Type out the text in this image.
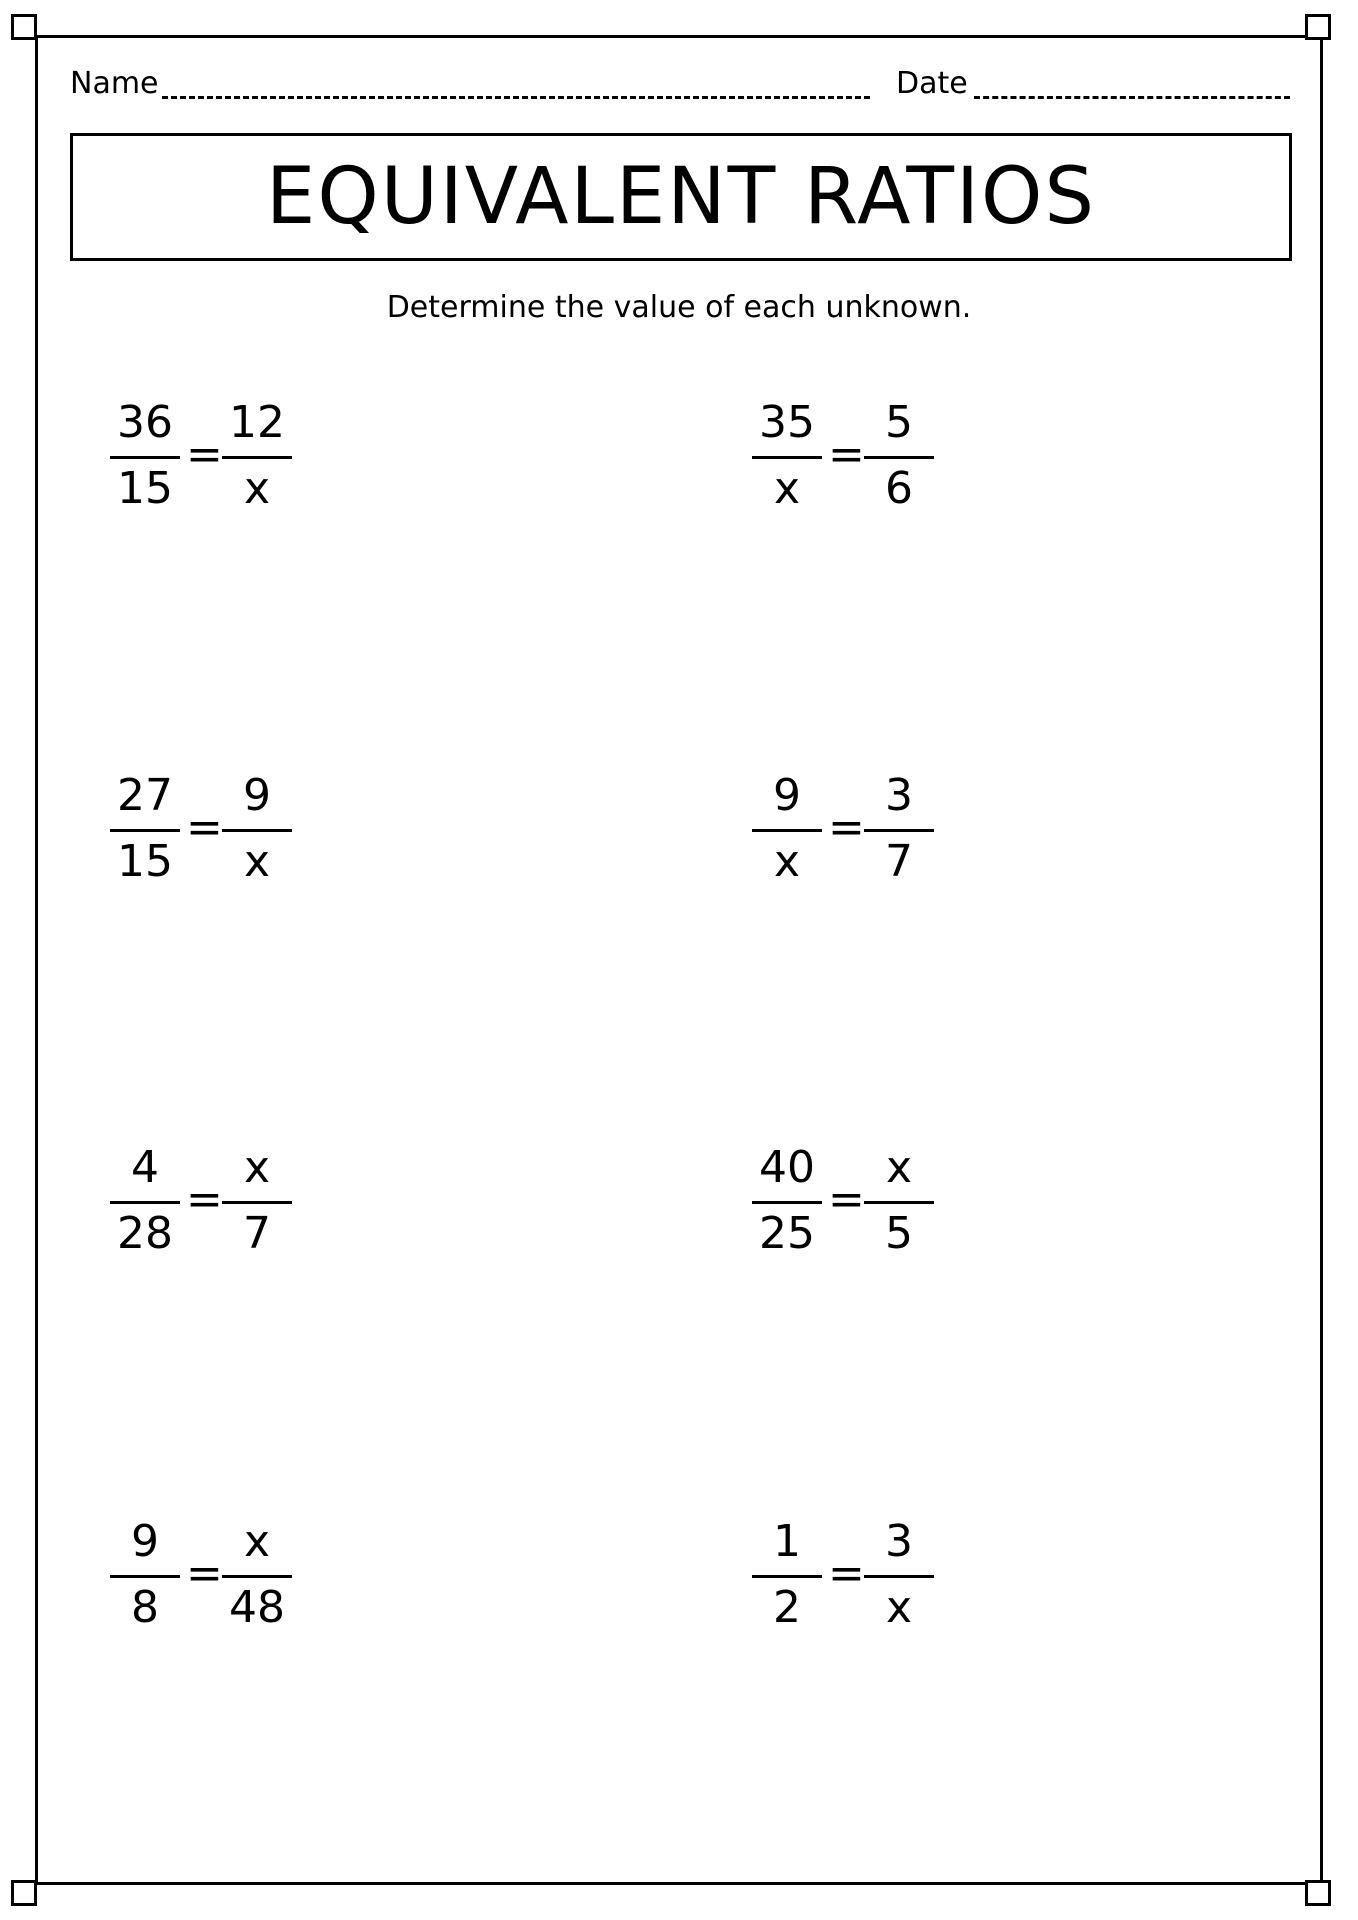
Name	Date
EQUIVALENT RATIOS
Determine the value of each unknown.
36
15
=
12
x
35
x
=
5
6
27
15
=
9
x
9
x
=
3
7
4
28
=
x
7
40
25
=
x
5
9
8
=
x
48
1
2
=
3
x
